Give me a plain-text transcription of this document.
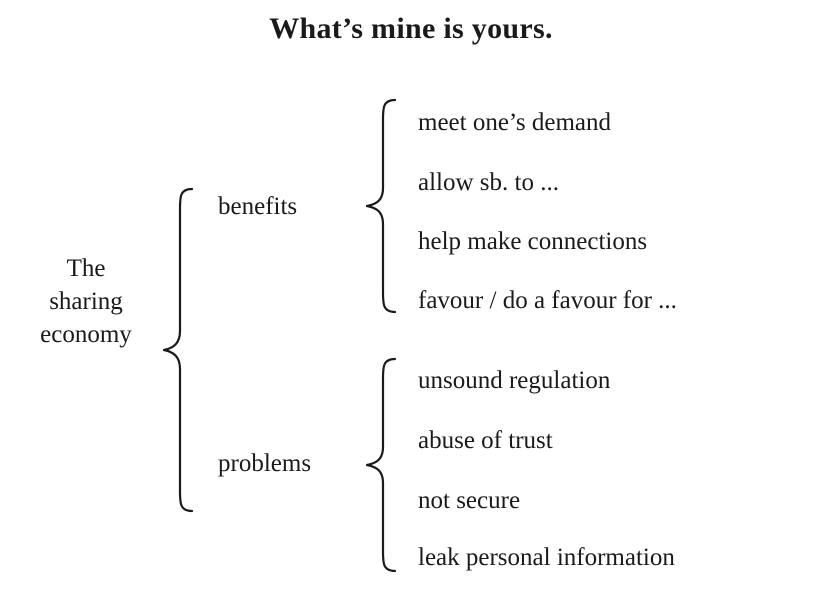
What’s mine is yours.
The
sharing
economy
benefits
problems
meet one’s demand
allow sb. to ...
help make connections
favour / do a favour for ...
unsound regulation
abuse of trust
not secure
leak personal information
